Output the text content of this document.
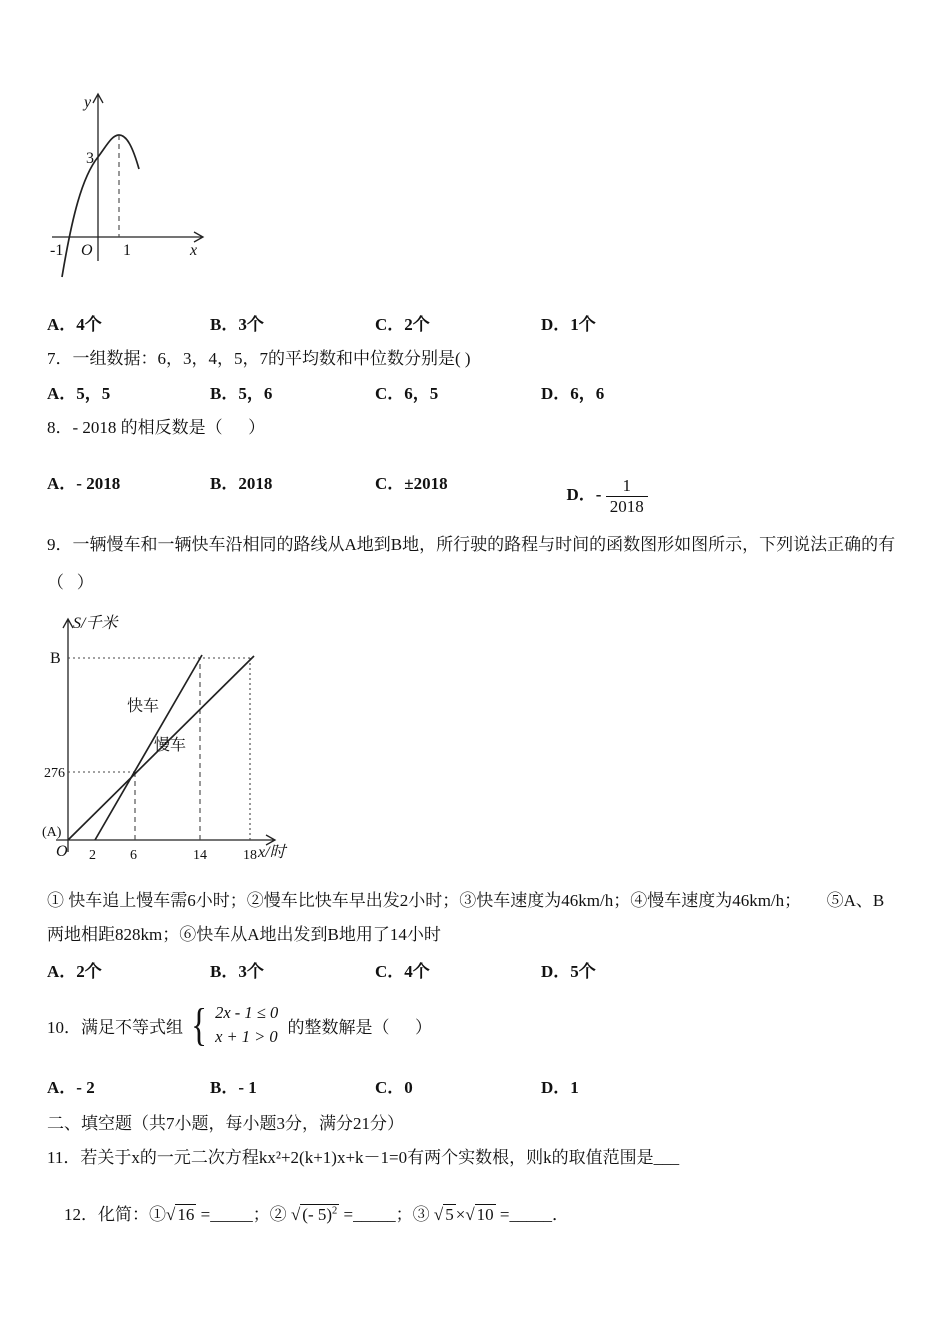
y
x
3
-1 O 1
A．4个	B．3个	C．2个	D．1个
7．一组数据：6，3，4，5，7的平均数和中位数分别是( )
A．5，5	B．5，6	C．6，5	D．6，6
8．- 2018 的相反数是（      ）
A．- 2018	B．2018	C．±2018

D．- $\frac{1}{2018}$

9．一辆慢车和一辆快车沿相同的路线从A地到B地，所行驶的路程与时间的函数图形如图所示，下列说法正确的有
（   ）
S/千米
B
276
快车
慢车
(A)
O 2 6	14	18 x/时
① 快车追上慢车需6小时；②慢车比快车早出发2小时；③快车速度为46km/h；④慢车速度为46km/h；      ⑤A、B
两地相距828km；⑥快车从A地出发到B地用了14小时
A．2个	B．3个	C．4个	D．5个
10．满足不等式组 { 2x - 1 ≤ 0
x + 1 > 0 的整数解是（      ）
A．- 2	B．- 1	C．0	D．1
二、填空题（共7小题，每小题3分，满分21分）
11．若关于x的一元二次方程kx²+2(k+1)x+k－1=0有两个实数根，则k的取值范围是___

12．化简：①√ 16 =_____；② √ (- 5)$^2$ =_____；③ √ 5 ×√ 10 =_____．
